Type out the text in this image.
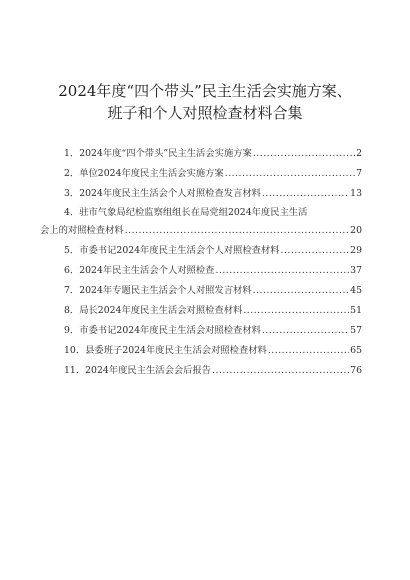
2024年度“四个带头”民主生活会实施方案、
班子和个人对照检查材料合集
1．2024年度“四个带头”民主生活会实施方案 .....	2
2．单位2024年度民主生活会实施方案 .....	7
3．2024年度民主生活会个人对照检查发言材料 .....	13
4．驻市气象局纪检监察组组长在局党组2024年度民主生活
会上的对照检查材料 .....	20
5．市委书记2024年度民主生活会个人对照检查材料 .....	29
6．2024年民主生活会个人对照检查 .....	37
7．2024年专题民主生活会个人对照发言材料 .....	45
8．局长2024年度民主生活会对照检查材料 .....	51
9．市委书记2024年度民主生活会对照检查材料 .....	57
10．县委班子2024年度民主生活会对照检查材料 .....	65
11．2024年度民主生活会会后报告 .....	76
